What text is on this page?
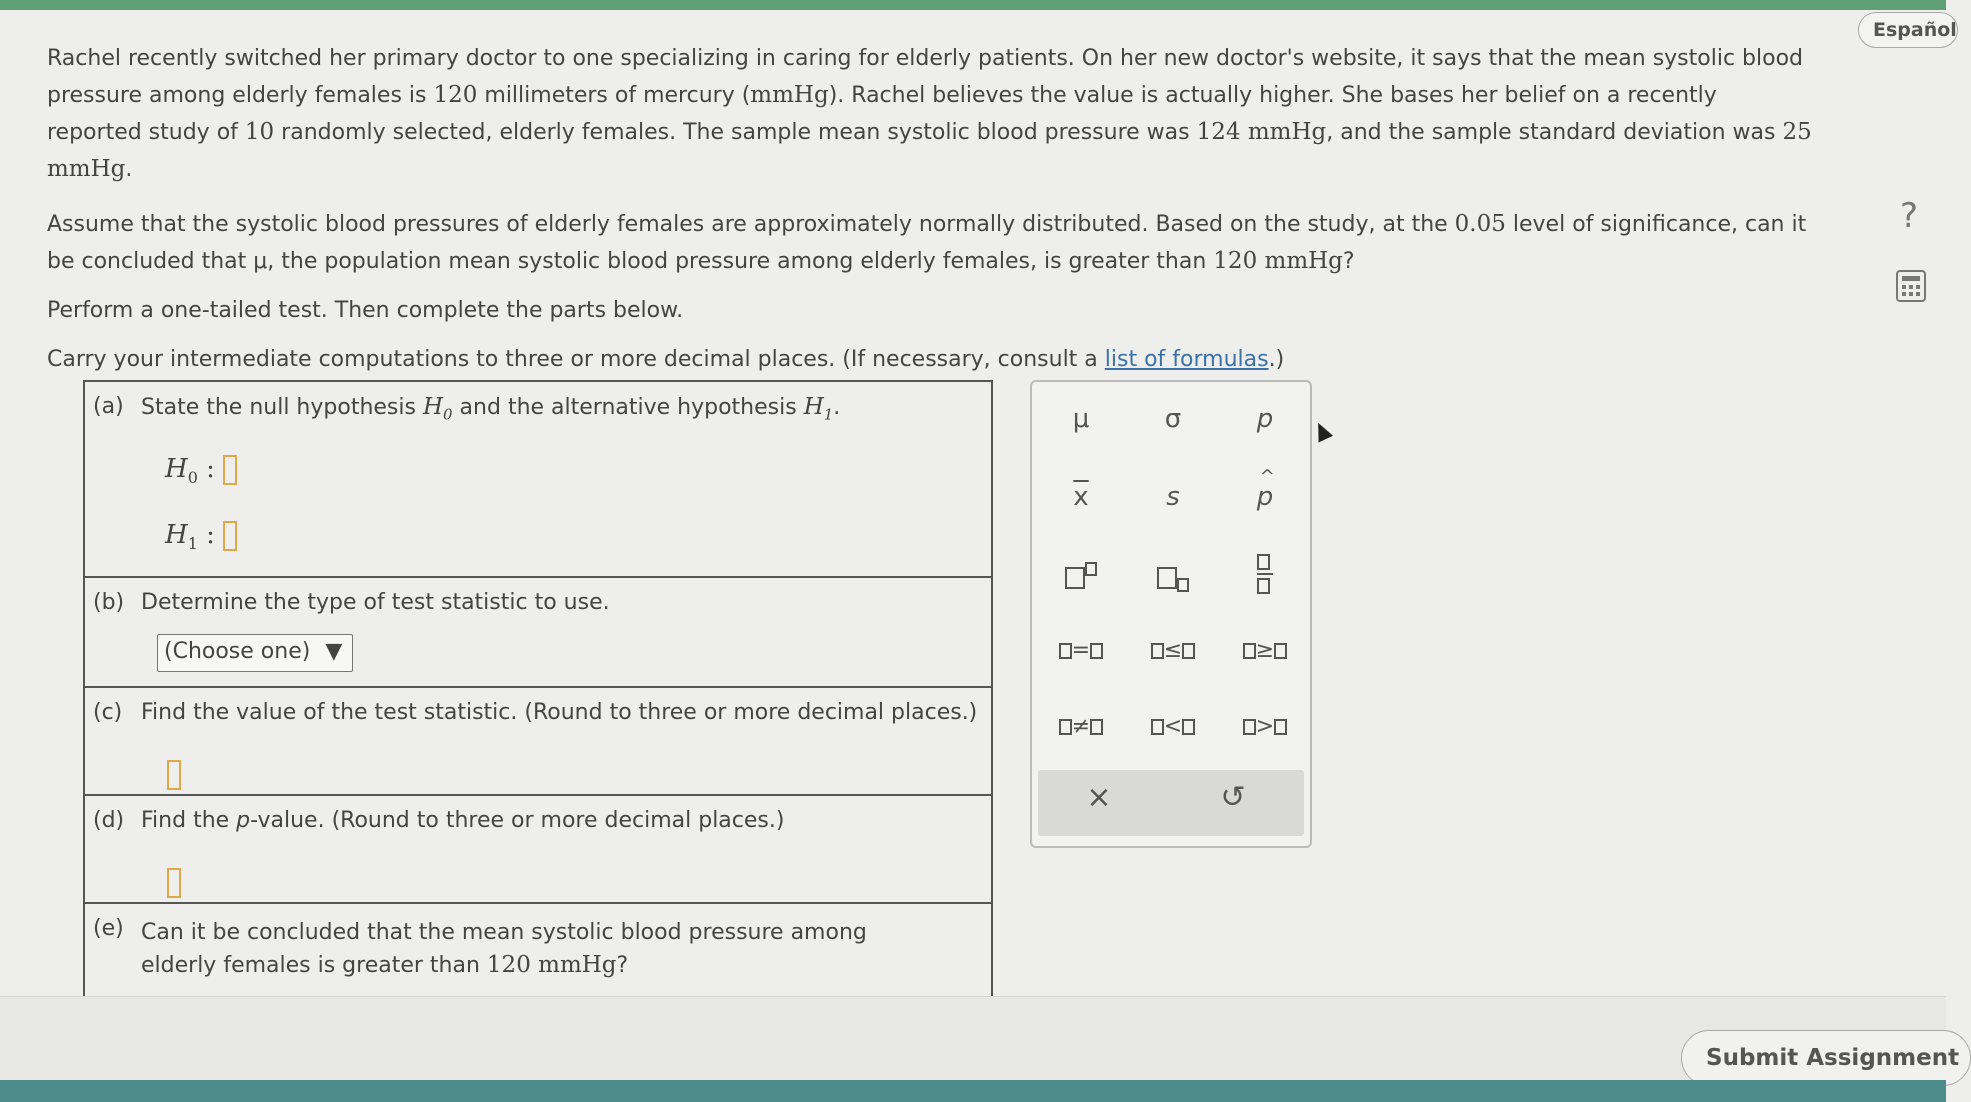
Español
?

Rachel recently switched her primary doctor to one specializing in caring for elderly patients. On her new doctor's website, it says that the mean systolic blood pressure among elderly females is 120 millimeters of mercury (mmHg). Rachel believes the value is actually higher. She bases her belief on a recently reported study of 10 randomly selected, elderly females. The sample mean systolic blood pressure was 124 mmHg, and the sample standard deviation was 25 mmHg.

Assume that the systolic blood pressures of elderly females are approximately normally distributed. Based on the study, at the 0.05 level of significance, can it be concluded that μ, the population mean systolic blood pressure among elderly females, is greater than 120 mmHg?

Perform a one-tailed test. Then complete the parts below.

Carry your intermediate computations to three or more decimal places. (If necessary, consult a list of formulas.)

(a) State the null hypothesis $H_0$ and the alternative hypothesis $H_1$.
$H_0$ :
$H_1$ :
(b) Determine the type of test statistic to use.
(Choose one) ▼
(c) Find the value of the test statistic. (Round to three or more decimal places.)
(d) Find the p-value. (Round to three or more decimal places.)
(e) Can it be concluded that the mean systolic blood pressure among elderly females is greater than 120 mmHg?
μ	σ	p
$\overline{x}$	s
^
p
=	≤	≥
≠	<	>
×	↺
Submit Assignment
